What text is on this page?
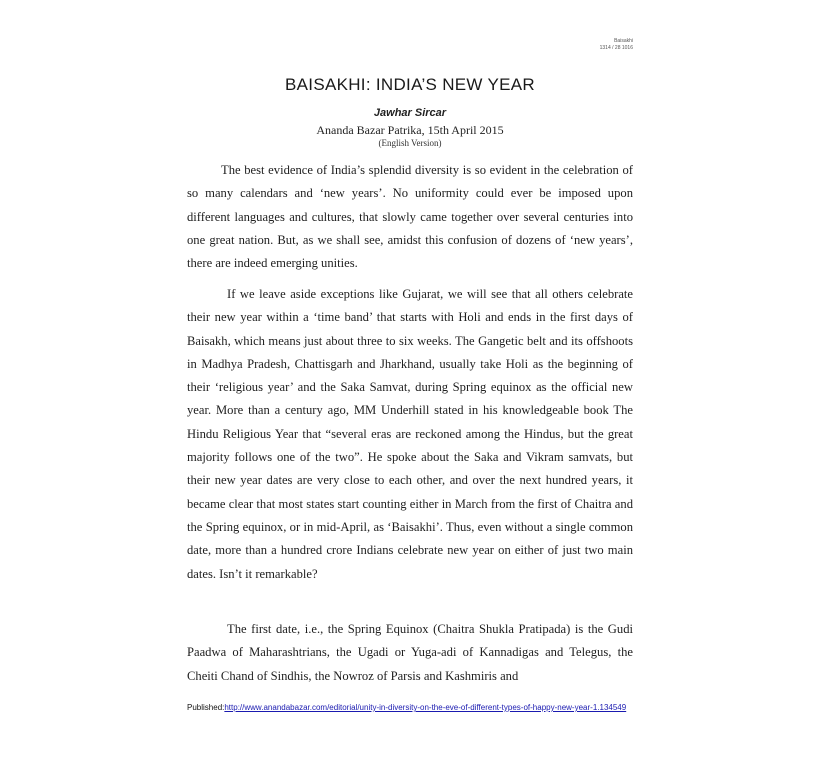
Baisakhi
1314 / 28 1016
BAISAKHI: INDIA’S NEW YEAR
Jawhar Sircar
Ananda Bazar Patrika, 15th April 2015
(English Version)

The best evidence of India’s splendid diversity is so evident in the celebration of so many calendars and ‘new years’. No uniformity could ever be imposed upon different languages and cultures, that slowly came together over several centuries into one great nation. But, as we shall see, amidst this confusion of dozens of ‘new years’, there are indeed emerging unities.

If we leave aside exceptions like Gujarat, we will see that all others celebrate their new year within a ‘time band’ that starts with Holi and ends in the first days of Baisakh, which means just about three to six weeks. The Gangetic belt and its offshoots in Madhya Pradesh, Chattisgarh and Jharkhand, usually take Holi as the beginning of their ‘religious year’ and the Saka Samvat, during Spring equinox as the official new year. More than a century ago, MM Underhill stated in his knowledgeable book The Hindu Religious Year that “several eras are reckoned among the Hindus, but the great majority follows one of the two”. He spoke about the Saka and Vikram samvats, but their new year dates are very close to each other, and over the next hundred years, it became clear that most states start counting either in March from the first of Chaitra and the Spring equinox, or in mid-April, as ‘Baisakhi’. Thus, even without a single common date, more than a hundred crore Indians celebrate new year on either of just two main dates. Isn’t it remarkable?

The first date, i.e., the Spring Equinox (Chaitra Shukla Pratipada) is the Gudi Paadwa of Maharashtrians, the Ugadi or Yuga-adi of Kannadigas and Telegus, the Cheiti Chand of Sindhis, the Nowroz of Parsis and Kashmiris and

Published:http://www.anandabazar.com/editorial/unity-in-diversity-on-the-eve-of-different-types-of-happy-new-year-1.134549
